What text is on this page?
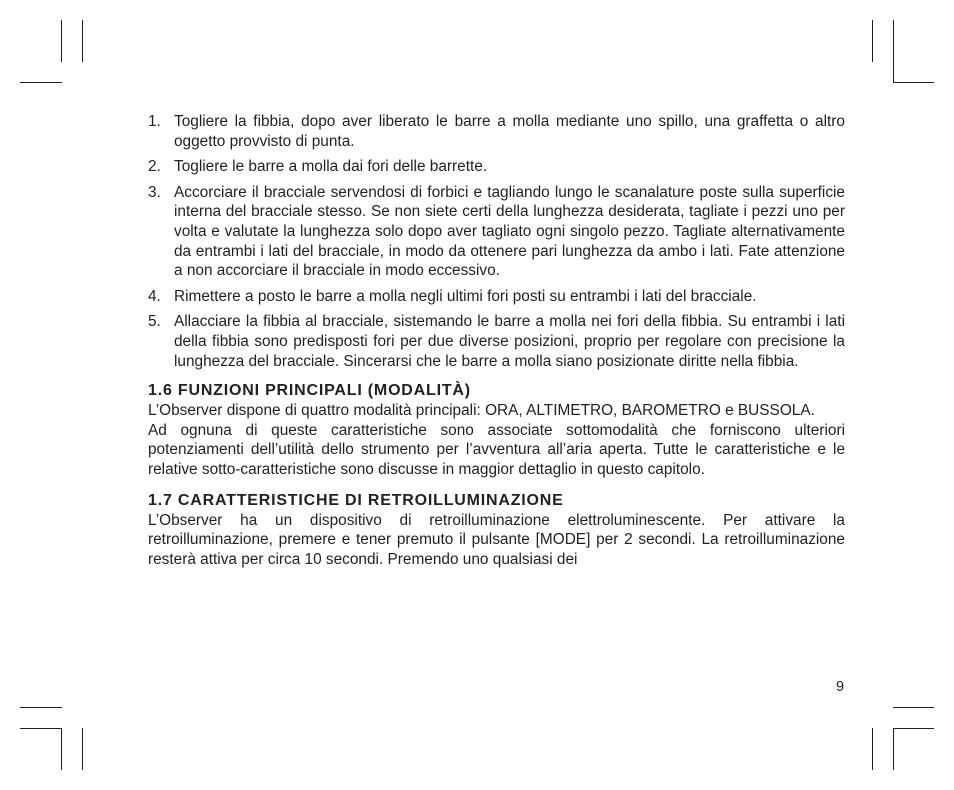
1. Togliere la fibbia, dopo aver liberato le barre a molla mediante uno spillo, una graffetta o altro oggetto provvisto di punta.
2. Togliere le barre a molla dai fori delle barrette.
3. Accorciare il bracciale servendosi di forbici e tagliando lungo le scanalature poste sulla superficie interna del bracciale stesso. Se non siete certi della lunghezza desiderata, tagliate i pezzi uno per volta e valutate la lunghezza solo dopo aver tagliato ogni singolo pezzo. Tagliate alternativamente da entrambi i lati del bracciale, in modo da ottenere pari lunghezza da ambo i lati. Fate attenzione a non accorciare il bracciale in modo eccessivo.
4. Rimettere a posto le barre a molla negli ultimi fori posti su entrambi i lati del bracciale.
5. Allacciare la fibbia al bracciale, sistemando le barre a molla nei fori della fibbia. Su entrambi i lati della fibbia sono predisposti fori per due diverse posizioni, proprio per regolare con precisione la lunghezza del bracciale. Sincerarsi che le barre a molla siano posizionate diritte nella fibbia.
1.6 FUNZIONI PRINCIPALI (MODALITÀ)
L’Observer dispone di quattro modalità principali: ORA, ALTIMETRO, BAROMETRO e BUSSOLA.
Ad ognuna di queste caratteristiche sono associate sottomodalità che forniscono ulteriori potenziamenti dell’utilità dello strumento per l’avventura all’aria aperta. Tutte le caratteristiche e le relative sotto-caratteristiche sono discusse in maggior dettaglio in questo capitolo.
1.7 CARATTERISTICHE DI RETROILLUMINAZIONE
L’Observer ha un dispositivo di retroilluminazione elettroluminescente. Per attivare la retroilluminazione, premere e tener premuto il pulsante [MODE] per 2 secondi. La retroilluminazione resterà attiva per circa 10 secondi. Premendo uno qualsiasi dei
9
